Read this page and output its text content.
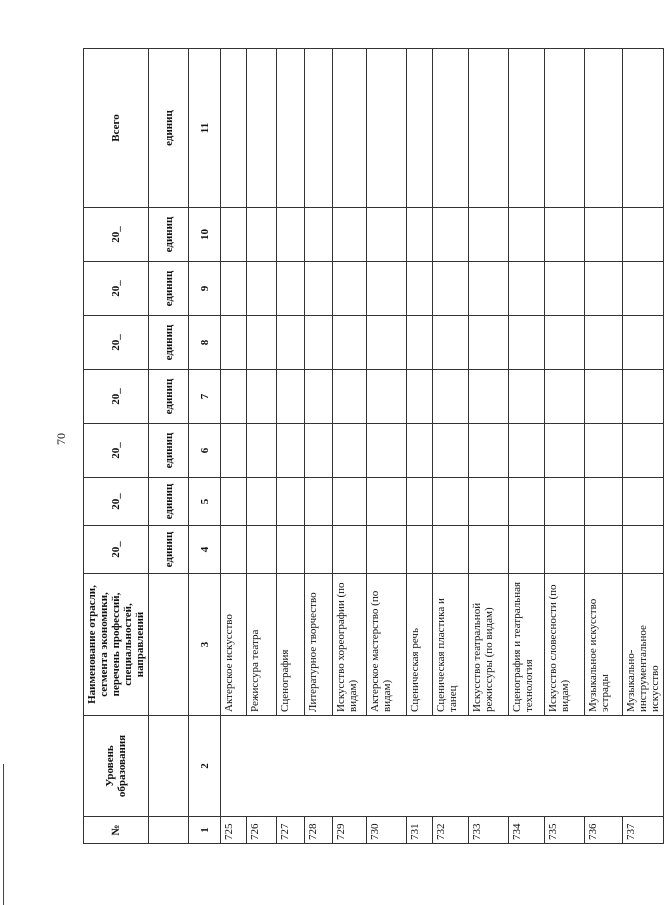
70
№	Уровень образования	Наименование отрасли, сегмента экономики, перечень профессий, специальностей, направлений	20_	20_	20_	20_	20_	20_	20_	Всего
			единиц	единиц	единиц	единиц	единиц	единиц	единиц	единиц

1	2	3	4	5	6	7	8	9	10	11
725		Актерское искусство								
726		Режиссура театра								
727		Сценография								
728		Литературное творчество								
729		Искусство хореографии (по видам)								
730		Актерское мастерство (по видам)								
731		Сценическая речь								
732		Сценическая пластика и танец								
733		Искусство театральной режиссуры (по видам)								
734		Сценография и театральная технология								
735		Искусство словесности (по видам)								
736		Музыкальное искусство эстрады								
737		Музыкально-инструментальное искусство								
